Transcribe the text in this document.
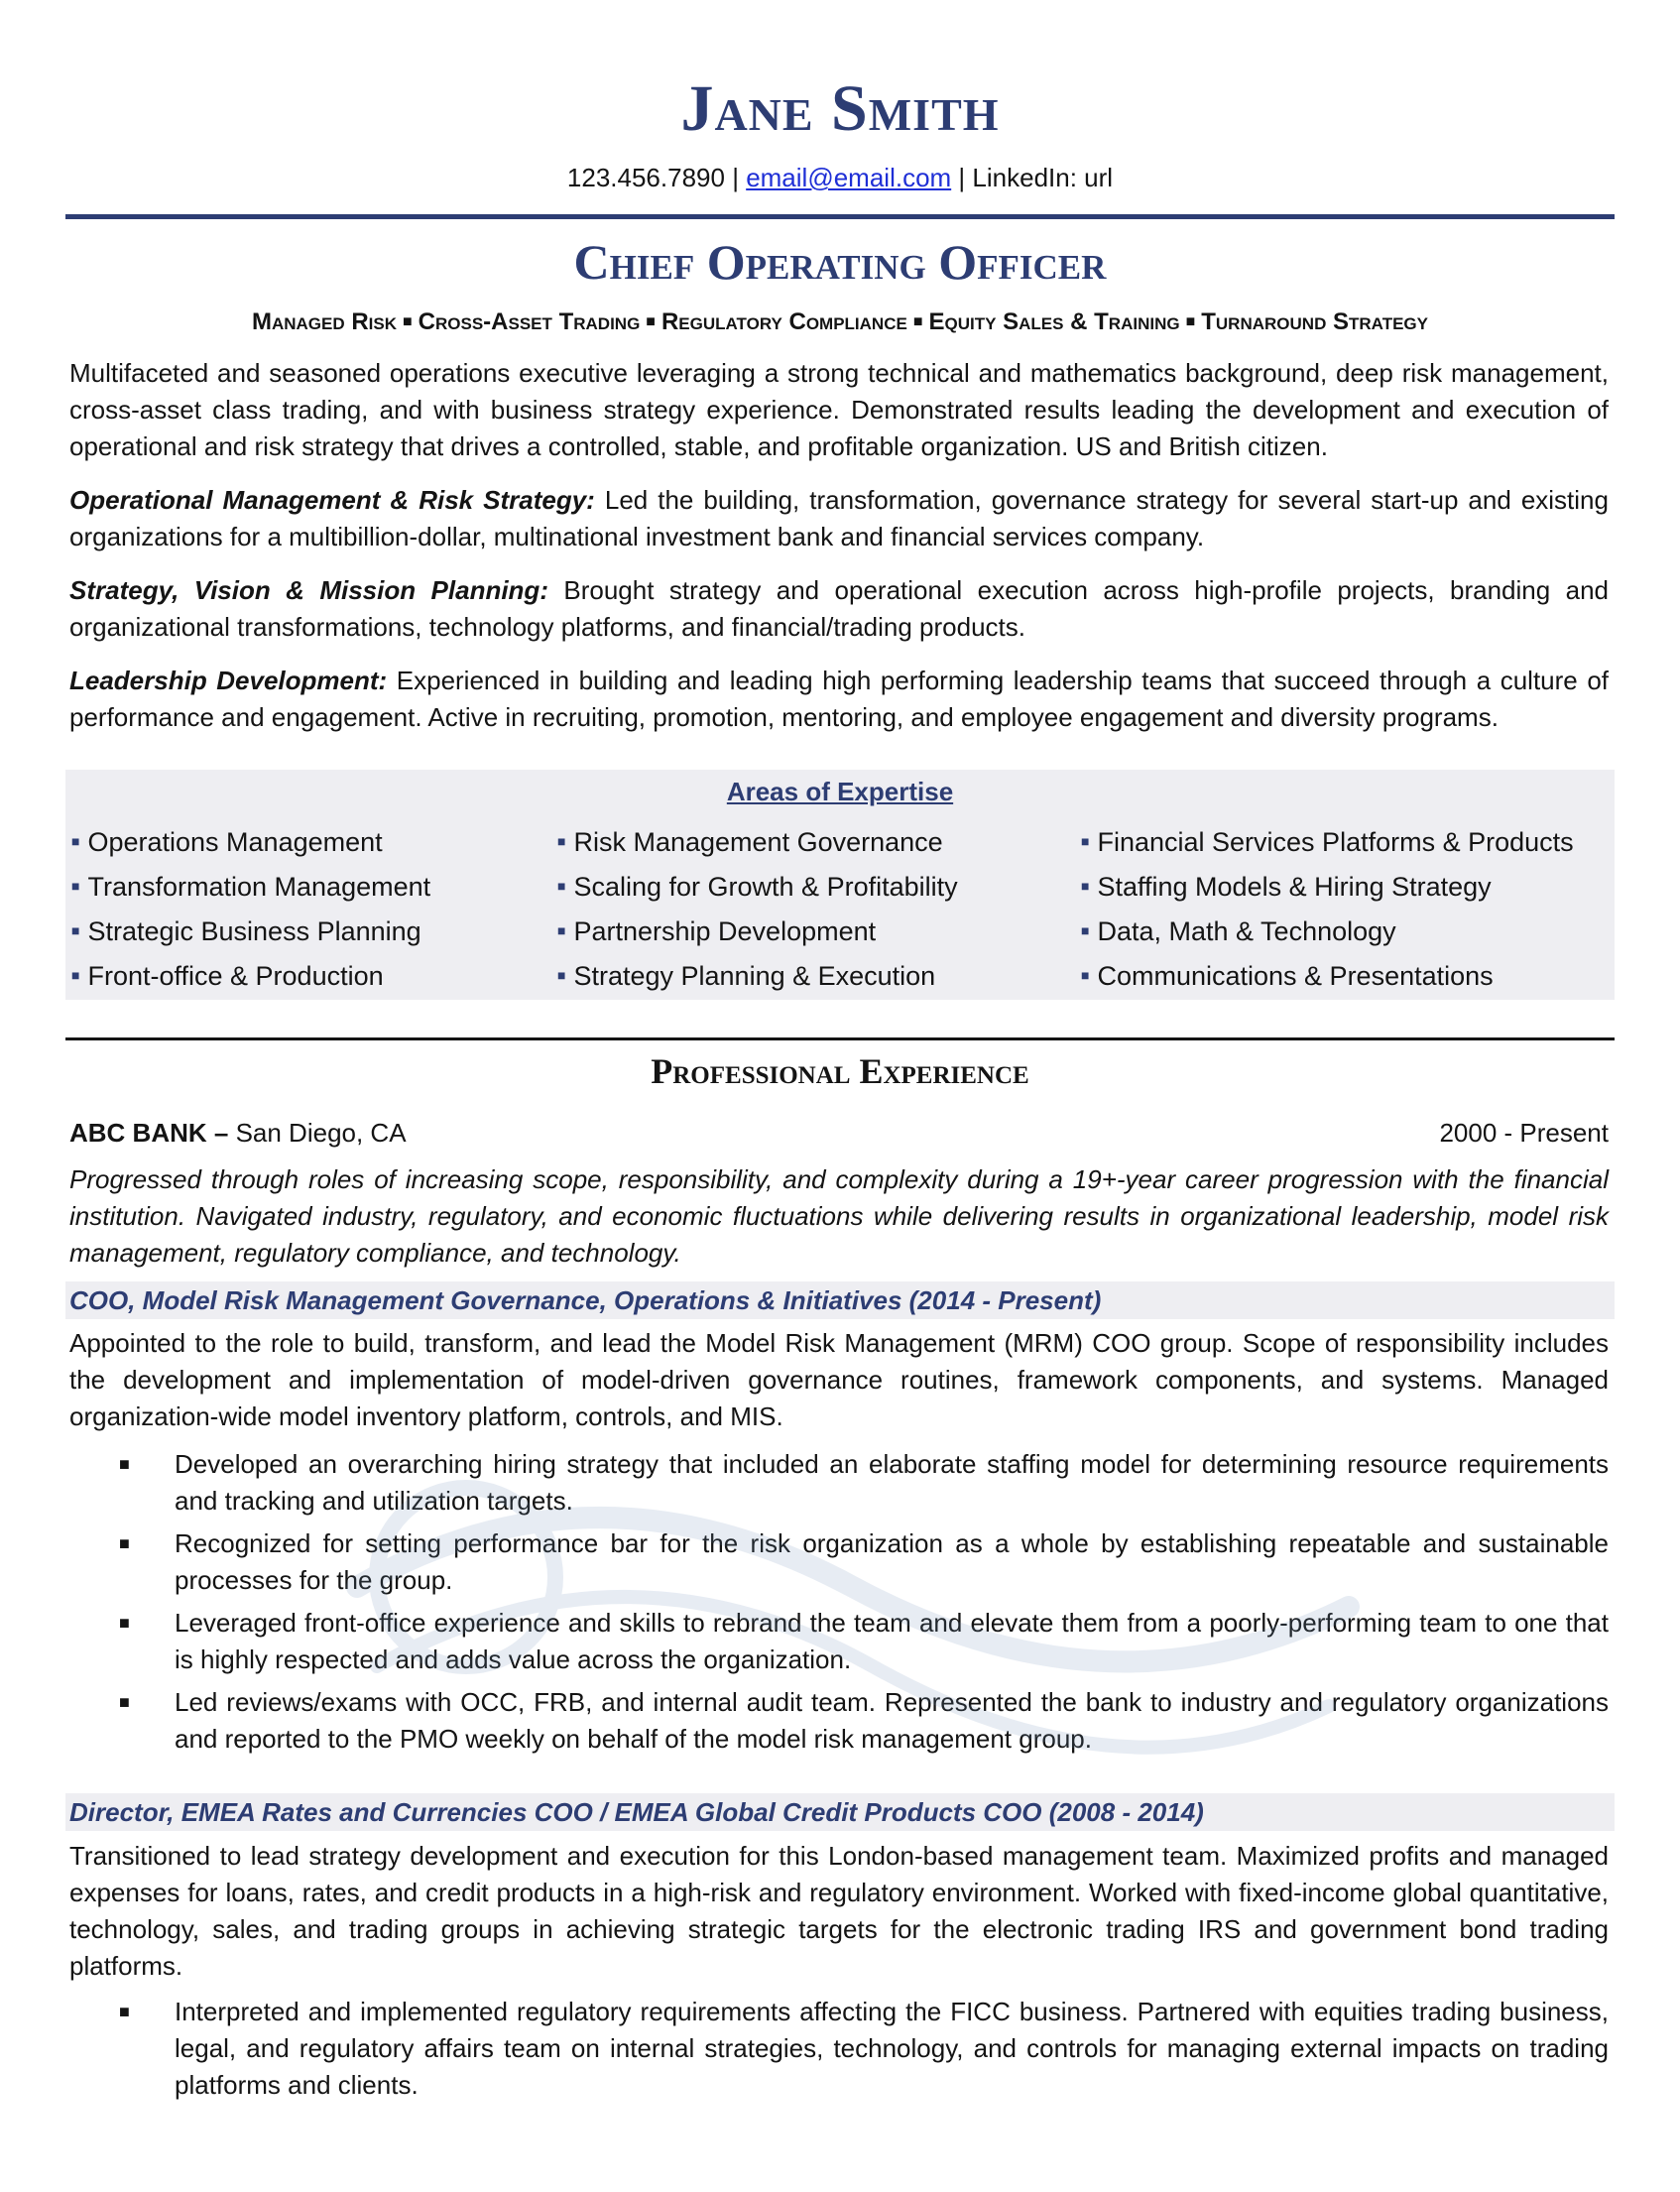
Jane Smith
123.456.7890 | email@email.com | LinkedIn: url
Chief Operating Officer
Managed Risk ■ Cross-Asset Trading ■ Regulatory Compliance ■ Equity Sales & Training ■ Turnaround Strategy
Multifaceted and seasoned operations executive leveraging a strong technical and mathematics background, deep risk management, cross-asset class trading, and with business strategy experience. Demonstrated results leading the development and execution of operational and risk strategy that drives a controlled, stable, and profitable organization. US and British citizen.
Operational Management & Risk Strategy: Led the building, transformation, governance strategy for several start-up and existing organizations for a multibillion-dollar, multinational investment bank and financial services company.
Strategy, Vision & Mission Planning: Brought strategy and operational execution across high-profile projects, branding and organizational transformations, technology platforms, and financial/trading products.
Leadership Development: Experienced in building and leading high performing leadership teams that succeed through a culture of performance and engagement. Active in recruiting, promotion, mentoring, and employee engagement and diversity programs.
Areas of Expertise
■ Operations Management
■ Transformation Management
■ Strategic Business Planning
■ Front-office & Production
■ Risk Management Governance
■ Scaling for Growth & Profitability
■ Partnership Development
■ Strategy Planning & Execution
■ Financial Services Platforms & Products
■ Staffing Models & Hiring Strategy
■ Data, Math & Technology
■ Communications & Presentations
Professional Experience
ABC BANK – San Diego, CA	2000 - Present
Progressed through roles of increasing scope, responsibility, and complexity during a 19+-year career progression with the financial institution. Navigated industry, regulatory, and economic fluctuations while delivering results in organizational leadership, model risk management, regulatory compliance, and technology.
COO, Model Risk Management Governance, Operations & Initiatives (2014 - Present)
Appointed to the role to build, transform, and lead the Model Risk Management (MRM) COO group. Scope of responsibility includes the development and implementation of model-driven governance routines, framework components, and systems. Managed organization-wide model inventory platform, controls, and MIS.
■ Developed an overarching hiring strategy that included an elaborate staffing model for determining resource requirements and tracking and utilization targets.
■ Recognized for setting performance bar for the risk organization as a whole by establishing repeatable and sustainable processes for the group.
■ Leveraged front-office experience and skills to rebrand the team and elevate them from a poorly-performing team to one that is highly respected and adds value across the organization.
■ Led reviews/exams with OCC, FRB, and internal audit team. Represented the bank to industry and regulatory organizations and reported to the PMO weekly on behalf of the model risk management group.
Director, EMEA Rates and Currencies COO / EMEA Global Credit Products COO (2008 - 2014)
Transitioned to lead strategy development and execution for this London-based management team. Maximized profits and managed expenses for loans, rates, and credit products in a high-risk and regulatory environment. Worked with fixed-income global quantitative, technology, sales, and trading groups in achieving strategic targets for the electronic trading IRS and government bond trading platforms.
■ Interpreted and implemented regulatory requirements affecting the FICC business. Partnered with equities trading business, legal, and regulatory affairs team on internal strategies, technology, and controls for managing external impacts on trading platforms and clients.
